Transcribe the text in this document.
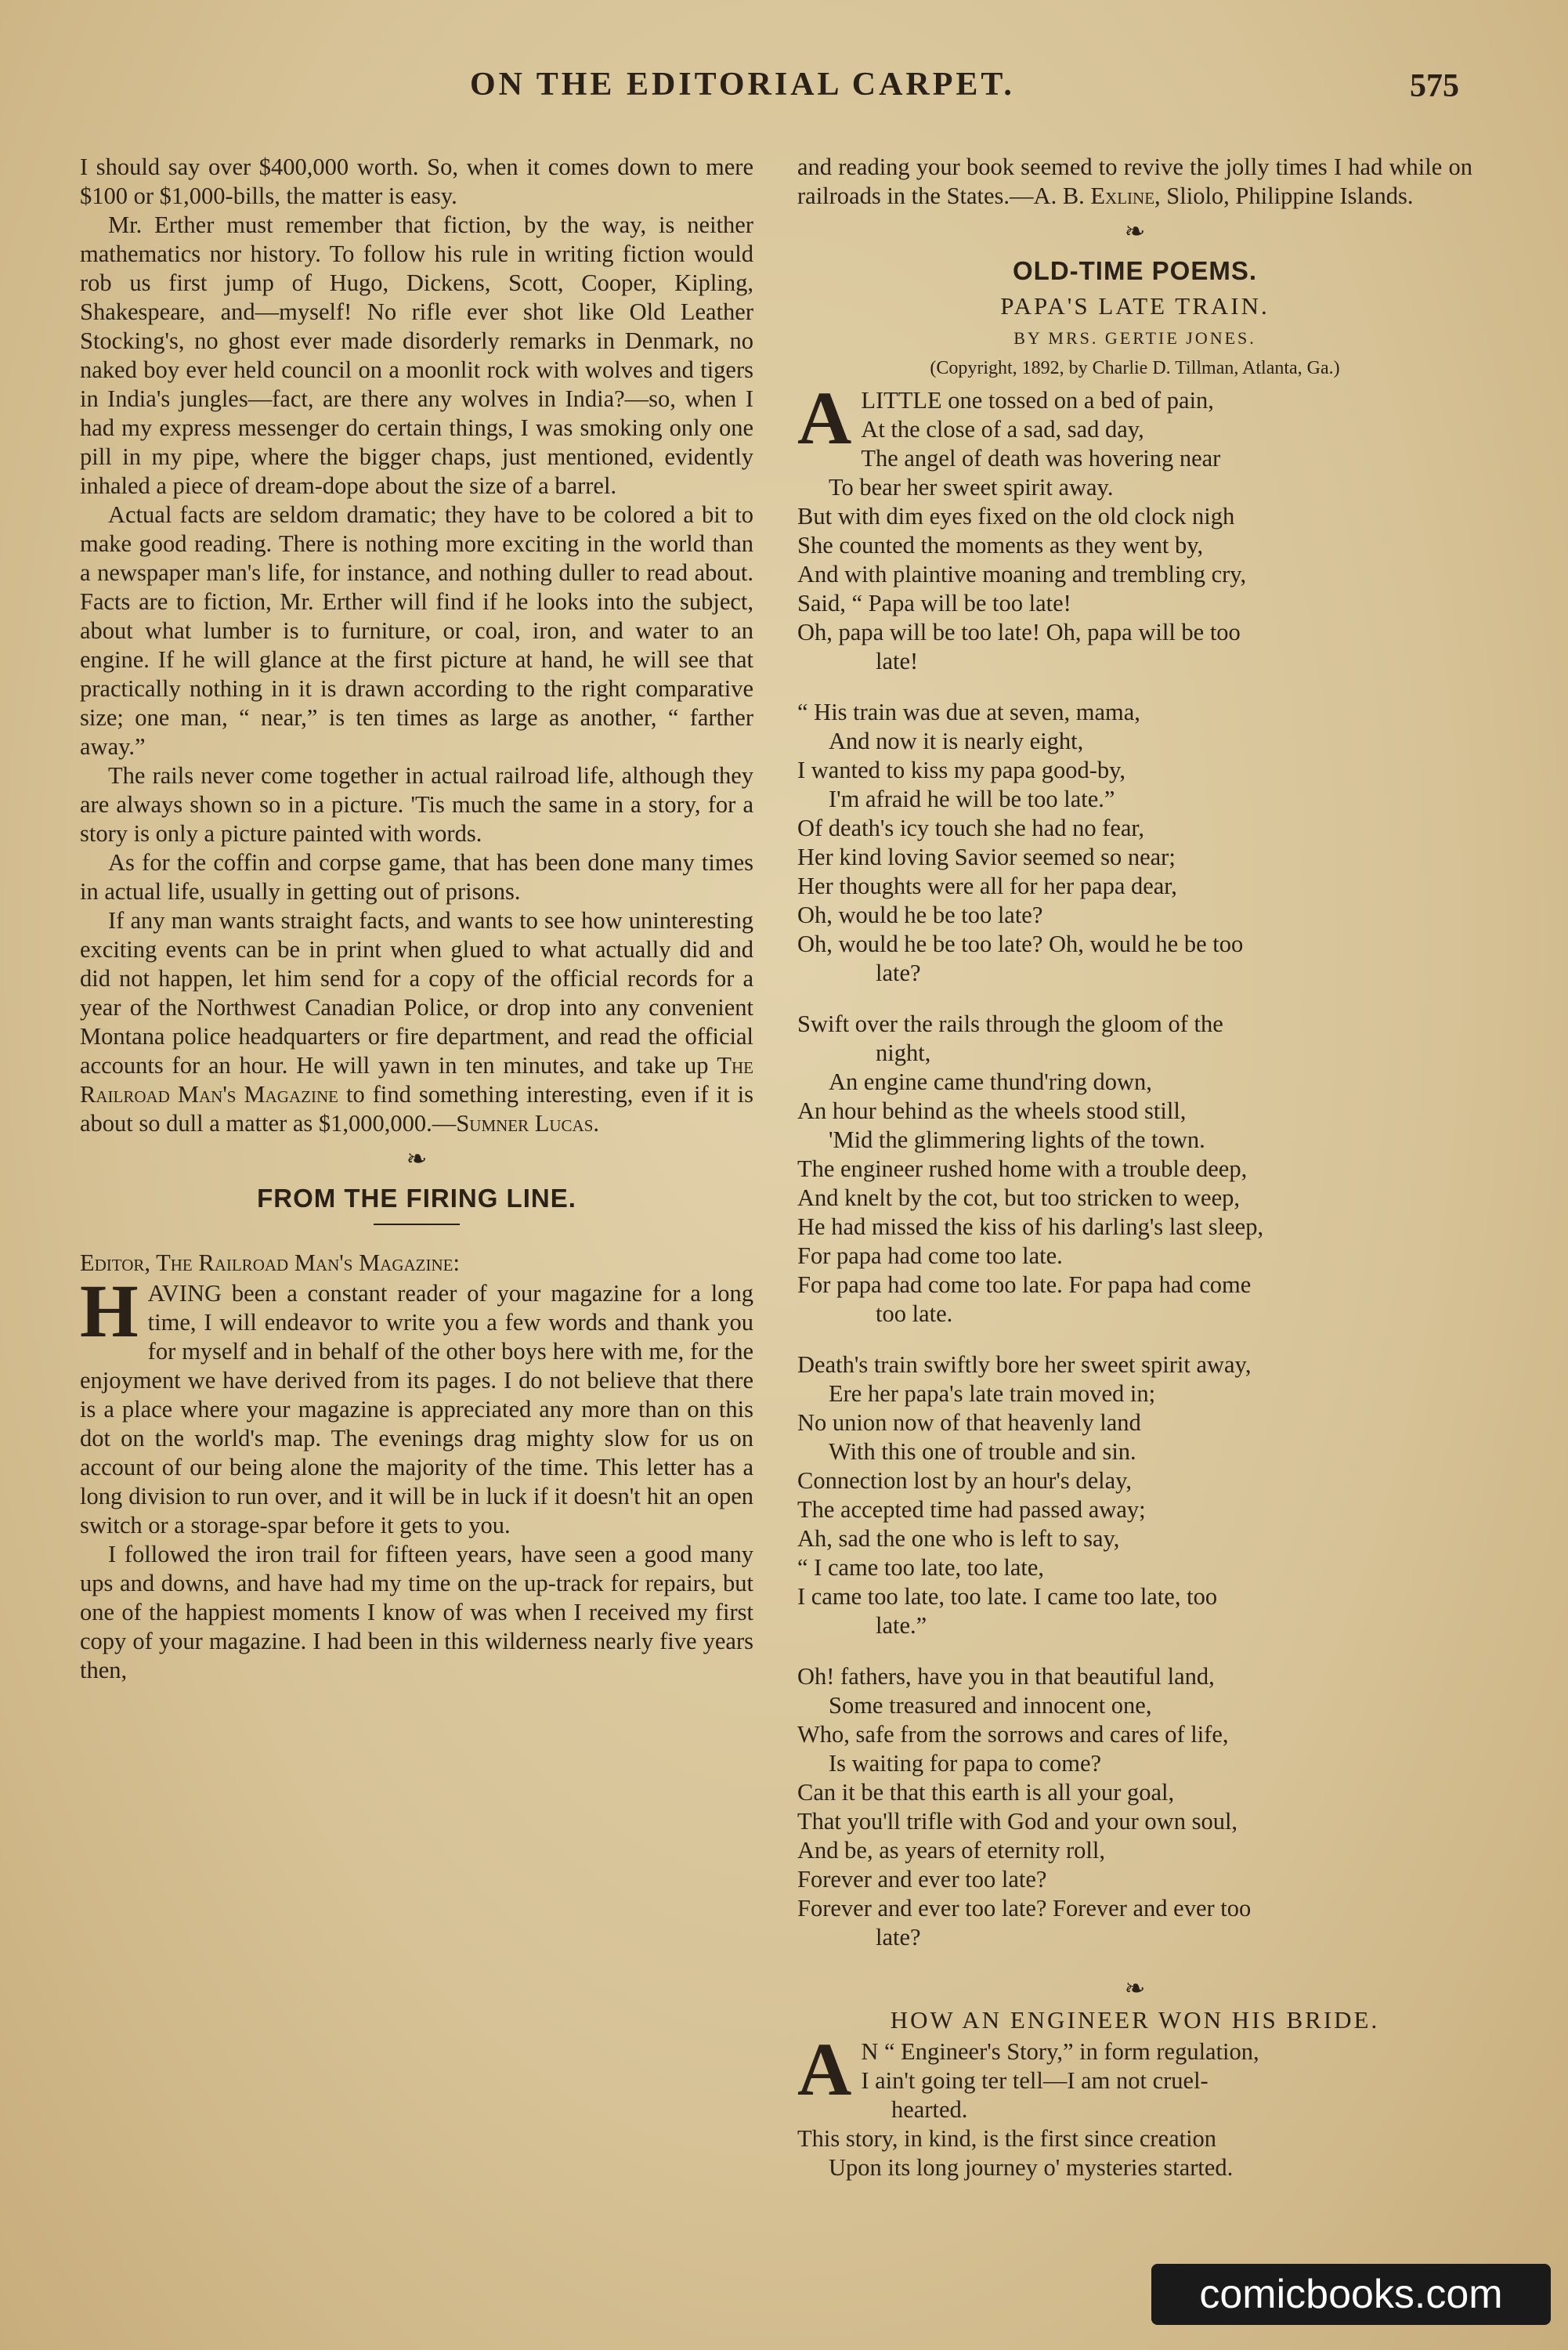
ON THE EDITORIAL CARPET.	575

I should say over $400,000 worth. So, when it comes down to mere $100 or $1,000-bills, the matter is easy.

Mr. Erther must remember that fiction, by the way, is neither mathematics nor history. To follow his rule in writing fiction would rob us first jump of Hugo, Dickens, Scott, Cooper, Kipling, Shakespeare, and—myself! No rifle ever shot like Old Leather Stocking's, no ghost ever made disorderly remarks in Denmark, no naked boy ever held council on a moonlit rock with wolves and tigers in India's jungles—fact, are there any wolves in India?—so, when I had my express messenger do certain things, I was smoking only one pill in my pipe, where the bigger chaps, just mentioned, evidently inhaled a piece of dream-dope about the size of a barrel.

Actual facts are seldom dramatic; they have to be colored a bit to make good reading. There is nothing more exciting in the world than a newspaper man's life, for instance, and nothing duller to read about. Facts are to fiction, Mr. Erther will find if he looks into the subject, about what lumber is to furniture, or coal, iron, and water to an engine. If he will glance at the first picture at hand, he will see that practically nothing in it is drawn according to the right comparative size; one man, “ near,” is ten times as large as another, “ farther away.”

The rails never come together in actual railroad life, although they are always shown so in a picture. 'Tis much the same in a story, for a story is only a picture painted with words.

As for the coffin and corpse game, that has been done many times in actual life, usually in getting out of prisons.

If any man wants straight facts, and wants to see how uninteresting exciting events can be in print when glued to what actually did and did not happen, let him send for a copy of the official records for a year of the Northwest Canadian Police, or drop into any convenient Montana police headquarters or fire department, and read the official accounts for an hour. He will yawn in ten minutes, and take up The Railroad Man's Magazine to find something interesting, even if it is about so dull a matter as $1,000,000.—Sumner Lucas.

❧
FROM THE FIRING LINE.

Editor, The Railroad Man's Magazine:

HAVING been a constant reader of your magazine for a long time, I will endeavor to write you a few words and thank you for myself and in behalf of the other boys here with me, for the enjoyment we have derived from its pages. I do not believe that there is a place where your magazine is appreciated any more than on this dot on the world's map. The evenings drag mighty slow for us on account of our being alone the majority of the time. This letter has a long division to run over, and it will be in luck if it doesn't hit an open switch or a storage-spar before it gets to you.

I followed the iron trail for fifteen years, have seen a good many ups and downs, and have had my time on the up-track for repairs, but one of the happiest moments I know of was when I received my first copy of your magazine. I had been in this wilderness nearly five years then,

and reading your book seemed to revive the jolly times I had while on railroads in the States.—A. B. Exline, Sliolo, Philippine Islands.

❧
OLD-TIME POEMS.
PAPA'S LATE TRAIN.
BY MRS. GERTIE JONES.
(Copyright, 1892, by Charlie D. Tillman, Atlanta, Ga.)
A LITTLE one tossed on a bed of pain,
At the close of a sad, sad day,
The angel of death was hovering near
To bear her sweet spirit away.
But with dim eyes fixed on the old clock nigh
She counted the moments as they went by,
And with plaintive moaning and trembling cry,
Said, “ Papa will be too late!
Oh, papa will be too late! Oh, papa will be too
late!
“ His train was due at seven, mama,
And now it is nearly eight,
I wanted to kiss my papa good-by,
I'm afraid he will be too late.”
Of death's icy touch she had no fear,
Her kind loving Savior seemed so near;
Her thoughts were all for her papa dear,
Oh, would he be too late?
Oh, would he be too late? Oh, would he be too
late?
Swift over the rails through the gloom of the
night,
An engine came thund'ring down,
An hour behind as the wheels stood still,
'Mid the glimmering lights of the town.
The engineer rushed home with a trouble deep,
And knelt by the cot, but too stricken to weep,
He had missed the kiss of his darling's last sleep,
For papa had come too late.
For papa had come too late. For papa had come
too late.
Death's train swiftly bore her sweet spirit away,
Ere her papa's late train moved in;
No union now of that heavenly land
With this one of trouble and sin.
Connection lost by an hour's delay,
The accepted time had passed away;
Ah, sad the one who is left to say,
“ I came too late, too late,
I came too late, too late. I came too late, too
late.”
Oh! fathers, have you in that beautiful land,
Some treasured and innocent one,
Who, safe from the sorrows and cares of life,
Is waiting for papa to come?
Can it be that this earth is all your goal,
That you'll trifle with God and your own soul,
And be, as years of eternity roll,
Forever and ever too late?
Forever and ever too late? Forever and ever too
late?
❧
HOW AN ENGINEER WON HIS BRIDE.
A N “ Engineer's Story,” in form regulation,
I ain't going ter tell—I am not cruel-
hearted.
This story, in kind, is the first since creation
Upon its long journey o' mysteries started.
comicbooks.com
